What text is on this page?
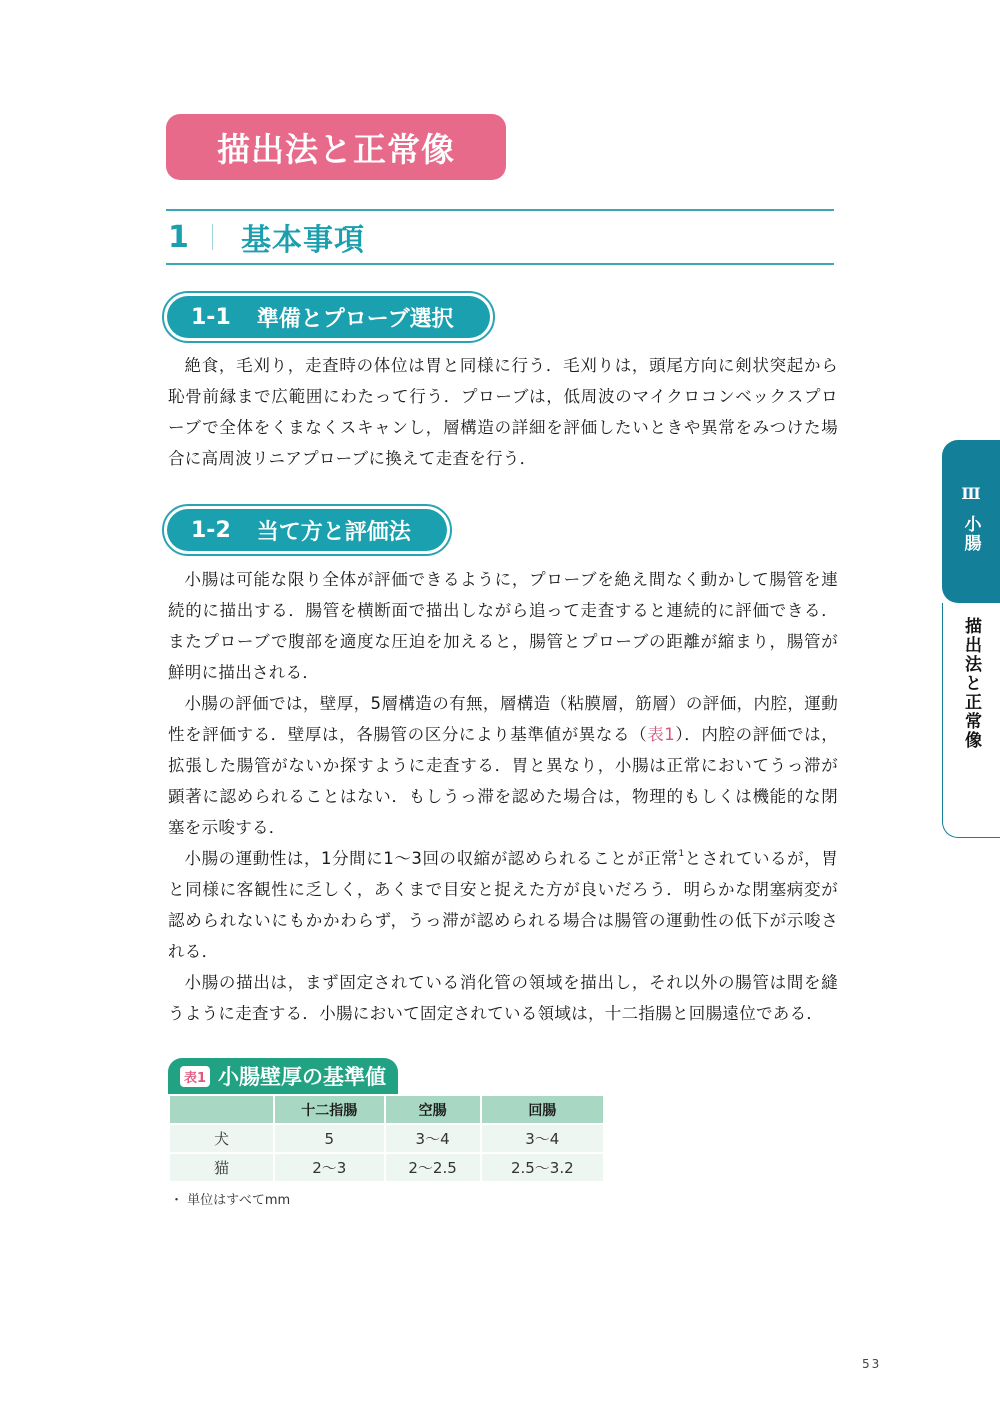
描出法と正常像
1	基本事項
1-1 準備とプローブ選択

絶食，毛刈り，走査時の体位は胃と同様に行う．毛刈りは，頭尾方向に剣状突起から恥骨前縁まで広範囲にわたって行う．プローブは，低周波のマイクロコンベックスプローブで全体をくまなくスキャンし，層構造の詳細を評価したいときや異常をみつけた場合に高周波リニアプローブに換えて走査を行う．

1-2 当て方と評価法

小腸は可能な限り全体が評価できるように，プローブを絶え間なく動かして腸管を連続的に描出する．腸管を横断面で描出しながら追って走査すると連続的に評価できる．またプローブで腹部を適度な圧迫を加えると，腸管とプローブの距離が縮まり，腸管が鮮明に描出される．

小腸の評価では，壁厚，5層構造の有無，層構造（粘膜層，筋層）の評価，内腔，運動性を評価する．壁厚は，各腸管の区分により基準値が異なる（表1）．内腔の評価では，拡張した腸管がないか探すように走査する．胃と異なり，小腸は正常においてうっ滞が顕著に認められることはない．もしうっ滞を認めた場合は，物理的もしくは機能的な閉塞を示唆する．

小腸の運動性は，1分間に1〜3回の収縮が認められることが正常$^1$とされているが，胃と同様に客観性に乏しく，あくまで目安と捉えた方が良いだろう．明らかな閉塞病変が認められないにもかかわらず，うっ滞が認められる場合は腸管の運動性の低下が示唆される．

小腸の描出は，まず固定されている消化管の領域を描出し，それ以外の腸管は間を縫うように走査する．小腸において固定されている領域は，十二指腸と回腸遠位である．

表1 小腸壁厚の基準値
	十二指腸	空腸	回腸
犬	5	3〜4	3〜4
猫	2〜3	2〜2.5	2.5〜3.2
・ 単位はすべてmm
Ⅲ
小腸
描出法と正常像
53
